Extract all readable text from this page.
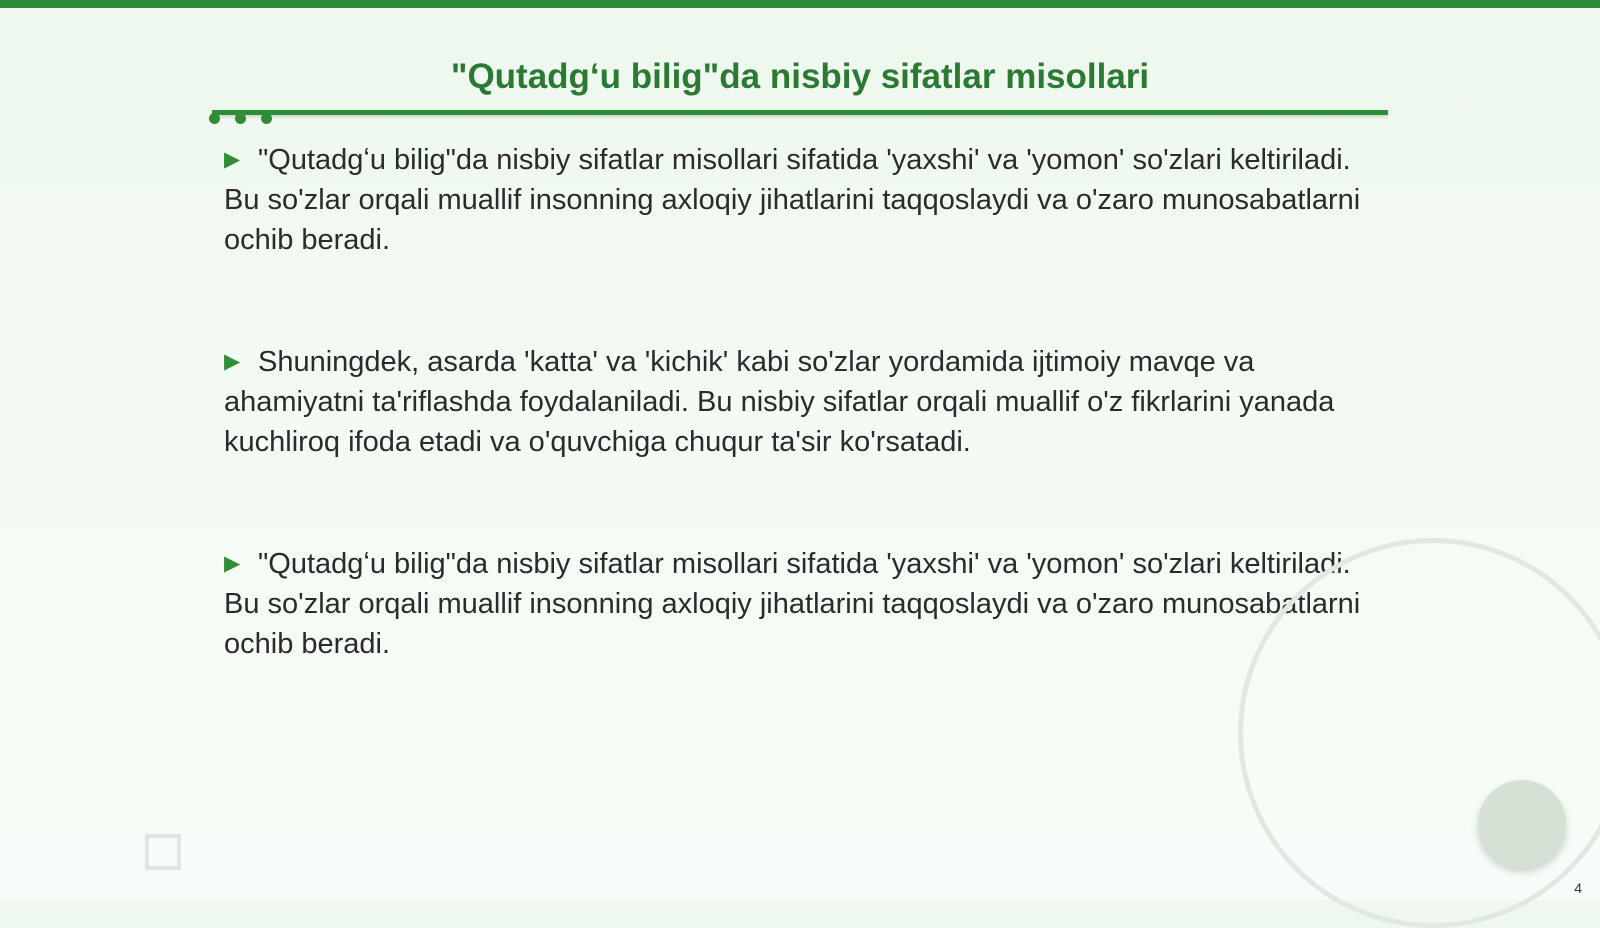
"Qutadgʻu bilig"da nisbiy sifatlar misollari

▶ "Qutadgʻu bilig"da nisbiy sifatlar misollari sifatida 'yaxshi' va 'yomon' so'zlari keltiriladi. Bu so'zlar orqali muallif insonning axloqiy jihatlarini taqqoslaydi va o'zaro munosabatlarni ochib beradi.

▶ Shuningdek, asarda 'katta' va 'kichik' kabi so'zlar yordamida ijtimoiy mavqe va ahamiyatni ta'riflashda foydalaniladi. Bu nisbiy sifatlar orqali muallif o'z fikrlarini yanada kuchliroq ifoda etadi va o'quvchiga chuqur ta'sir ko'rsatadi.

▶ "Qutadgʻu bilig"da nisbiy sifatlar misollari sifatida 'yaxshi' va 'yomon' so'zlari keltiriladi. Bu so'zlar orqali muallif insonning axloqiy jihatlarini taqqoslaydi va o'zaro munosabatlarni ochib beradi.

4
